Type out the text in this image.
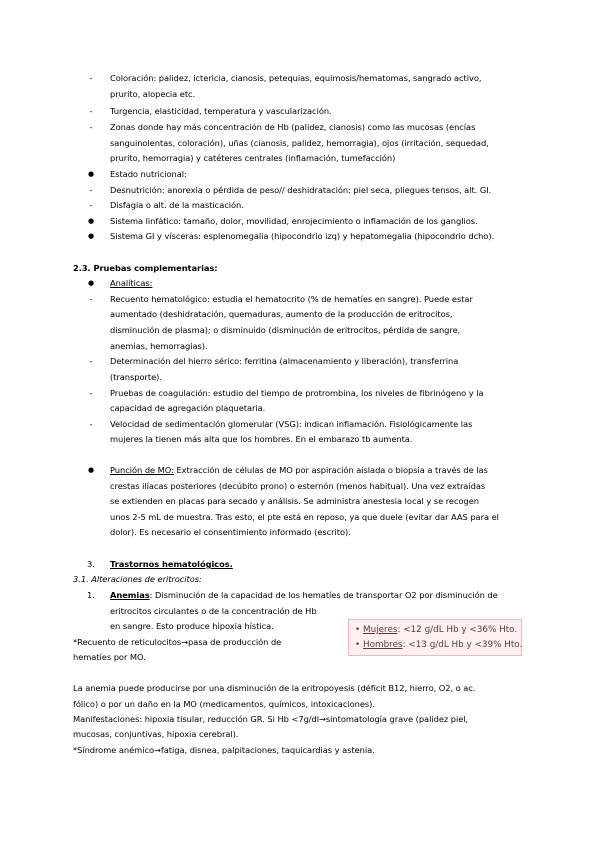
-	Coloración: palidez, ictericia, cianosis, petequias, equimosis/hematomas, sangrado activo,
prurito, alopecia etc.
-	Turgencia, elasticidad, temperatura y vascularización.
-	Zonas donde hay más concentración de Hb (palidez, cianosis) como las mucosas (encías
sanguinolentas, coloración), uñas (cianosis, palidez, hemorragia), ojos (irritación, sequedad,
prurito, hemorragia) y catéteres centrales (inflamación, tumefacción)
● Estado nutricional:
-	Desnutrición: anorexia o pérdida de peso// deshidratación: piel seca, pliegues tensos, alt. GI.
-	Disfagia o alt. de la masticación.
● Sistema linfático: tamaño, dolor, movilidad, enrojecimiento o inflamación de los ganglios.
● Sistema GI y vísceras: esplenomegalia (hipocondrio izq) y hepatomegalia (hipocondrio dcho).
2.3. Pruebas complementarias:
● Analíticas:
-	Recuento hematológico: estudia el hematocrito (% de hematíes en sangre). Puede estar
aumentado (deshidratación, quemaduras, aumento de la producción de eritrocitos,
disminución de plasma); o disminuido (disminución de eritrocitos, pérdida de sangre,
anemias, hemorragias).
-	Determinación del hierro sérico: ferritina (almacenamiento y liberación), transferrina
(transporte).
-	Pruebas de coagulación: estudio del tiempo de protrombina, los niveles de fibrinógeno y la
capacidad de agregación plaquetaria.
-	Velocidad de sedimentación glomerular (VSG): indican inflamación. Fisiológicamente las
mujeres la tienen más alta que los hombres. En el embarazo tb aumenta.
● Punción de MO: Extracción de células de MO por aspiración aislada o biopsia a través de las
crestas ilíacas posteriores (decúbito prono) o esternón (menos habitual). Una vez extraídas
se extienden en placas para secado y análisis. Se administra anestesia local y se recogen
unos 2-5 mL de muestra. Tras esto, el pte está en reposo, ya que duele (evitar dar AAS para el
dolor). Es necesario el consentimiento informado (escrito).
3. Trastornos hematológicos.
3.1. Alteraciones de eritrocitos:
1. Anemias: Disminución de la capacidad de los hematíes de transportar O2 por disminución de
eritrocitos circulantes o de la concentración de Hb
en sangre. Esto produce hipoxia hística.
*Recuento de reticulocitos→pasa de producción de
hematíes por MO.
• Mujeres: <12 g/dL Hb y <36% Hto.
• Hombres: <13 g/dL Hb y <39% Hto.
La anemia puede producirse por una disminución de la eritropoyesis (déficit B12, hierro, O2, o ac.
fólico) o por un daño en la MO (medicamentos, químicos, intoxicaciones).
Manifestaciones: hipoxia tisular, reducción GR. Si Hb <7g/dl→sintomatología grave (palidez piel,
mucosas, conjuntivas, hipoxia cerebral).
*Síndrome anémico→fatiga, disnea, palpitaciones, taquicardias y astenia.
